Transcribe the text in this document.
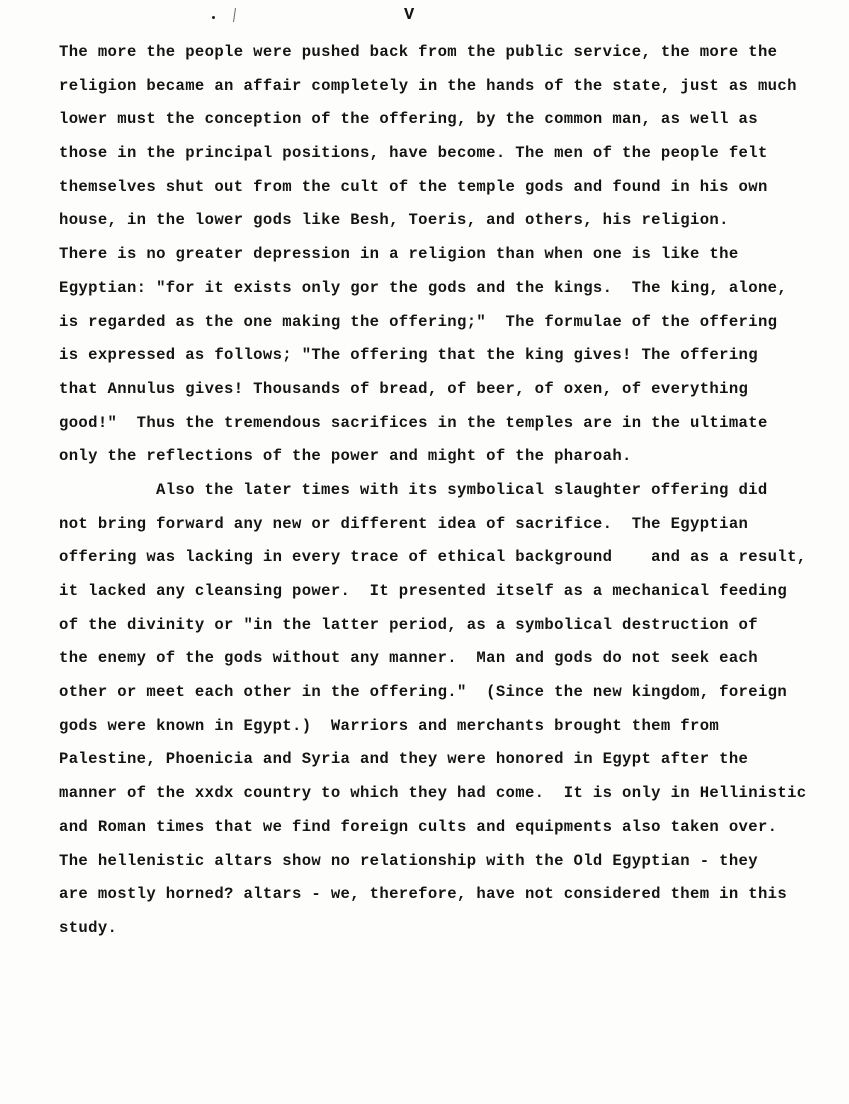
V
The more the people were pushed back from the public service, the more the
religion became an affair completely in the hands of the state, just as much
lower must the conception of the offering, by the common man, as well as
those in the principal positions, have become. The men of the people felt
themselves shut out from the cult of the temple gods and found in his own
house, in the lower gods like Besh, Toeris, and others, his religion.
There is no greater depression in a religion than when one is like the
Egyptian: "for it exists only gor the gods and the kings.  The king, alone,
is regarded as the one making the offering;"  The formulae of the offering
is expressed as follows; "The offering that the king gives! The offering
that Annulus gives! Thousands of bread, of beer, of oxen, of everything
good!"  Thus the tremendous sacrifices in the temples are in the ultimate
only the reflections of the power and might of the pharoah.
Also the later times with its symbolical slaughter offering did
not bring forward any new or different idea of sacrifice.  The Egyptian
offering was lacking in every trace of ethical background    and as a result,
it lacked any cleansing power.  It presented itself as a mechanical feeding
of the divinity or "in the latter period, as a symbolical destruction of
the enemy of the gods without any manner.  Man and gods do not seek each
other or meet each other in the offering."  (Since the new kingdom, foreign
gods were known in Egypt.)  Warriors and merchants brought them from
Palestine, Phoenicia and Syria and they were honored in Egypt after the
manner of the xxdx country to which they had come.  It is only in Hellinistic
and Roman times that we find foreign cults and equipments also taken over.
The hellenistic altars show no relationship with the Old Egyptian - they
are mostly horned? altars - we, therefore, have not considered them in this
study.
